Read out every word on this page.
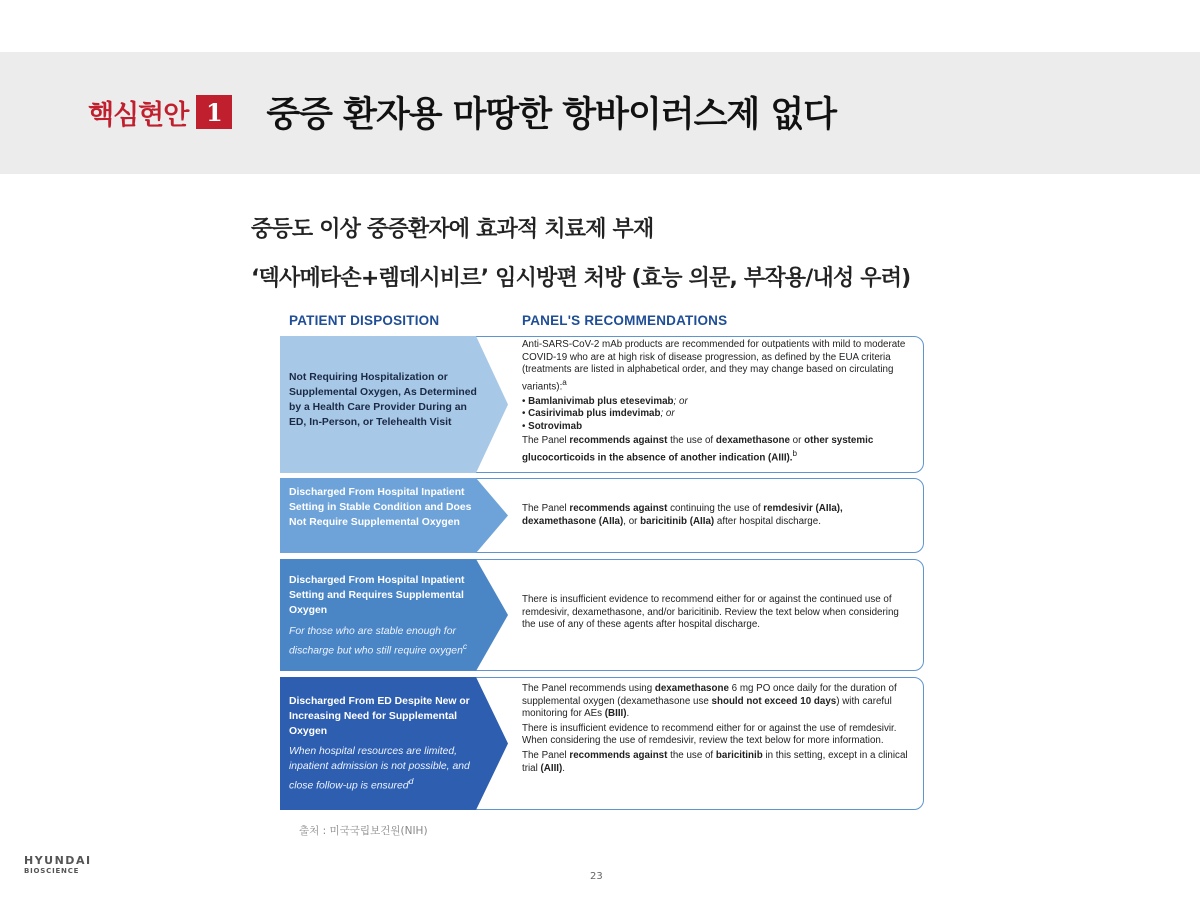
핵심현안 1 중증 환자용 마땅한 항바이러스제 없다
중등도 이상 중증환자에 효과적 치료제 부재
‘덱사메타손+렘데시비르’ 임시방편 처방 (효능 의문, 부작용/내성 우려)
PATIENT DISPOSITION	PANEL'S RECOMMENDATIONS
Not Requiring Hospitalization or Supplemental Oxygen, As Determined by a Health Care Provider During an ED, In-Person, or Telehealth Visit
Anti-SARS-CoV-2 mAb products are recommended for outpatients with mild to moderate COVID-19 who are at high risk of disease progression, as defined by the EUA criteria (treatments are listed in alphabetical order, and they may change based on circulating variants):$^a$
• Bamlanivimab plus etesevimab; or
• Casirivimab plus imdevimab; or
• Sotrovimab
The Panel recommends against the use of dexamethasone or other systemic glucocorticoids in the absence of another indication (AIII).$^b$
Discharged From Hospital Inpatient Setting in Stable Condition and Does Not Require Supplemental Oxygen
The Panel recommends against continuing the use of remdesivir (AIIa), dexamethasone (AIIa), or baricitinib (AIIa) after hospital discharge.
Discharged From Hospital Inpatient Setting and Requires Supplemental Oxygen
For those who are stable enough for discharge but who still require oxygen$^c$
There is insufficient evidence to recommend either for or against the continued use of remdesivir, dexamethasone, and/or baricitinib. Review the text below when considering the use of any of these agents after hospital discharge.
Discharged From ED Despite New or Increasing Need for Supplemental Oxygen
When hospital resources are limited, inpatient admission is not possible, and close follow-up is ensured$^d$
The Panel recommends using dexamethasone 6 mg PO once daily for the duration of supplemental oxygen (dexamethasone use should not exceed 10 days) with careful monitoring for AEs (BIII).
There is insufficient evidence to recommend either for or against the use of remdesivir. When considering the use of remdesivir, review the text below for more information.
The Panel recommends against the use of baricitinib in this setting, except in a clinical trial (AIII).
출처 : 미국국립보건원(NIH)
HYUNDAI
BIOSCIENCE	23
